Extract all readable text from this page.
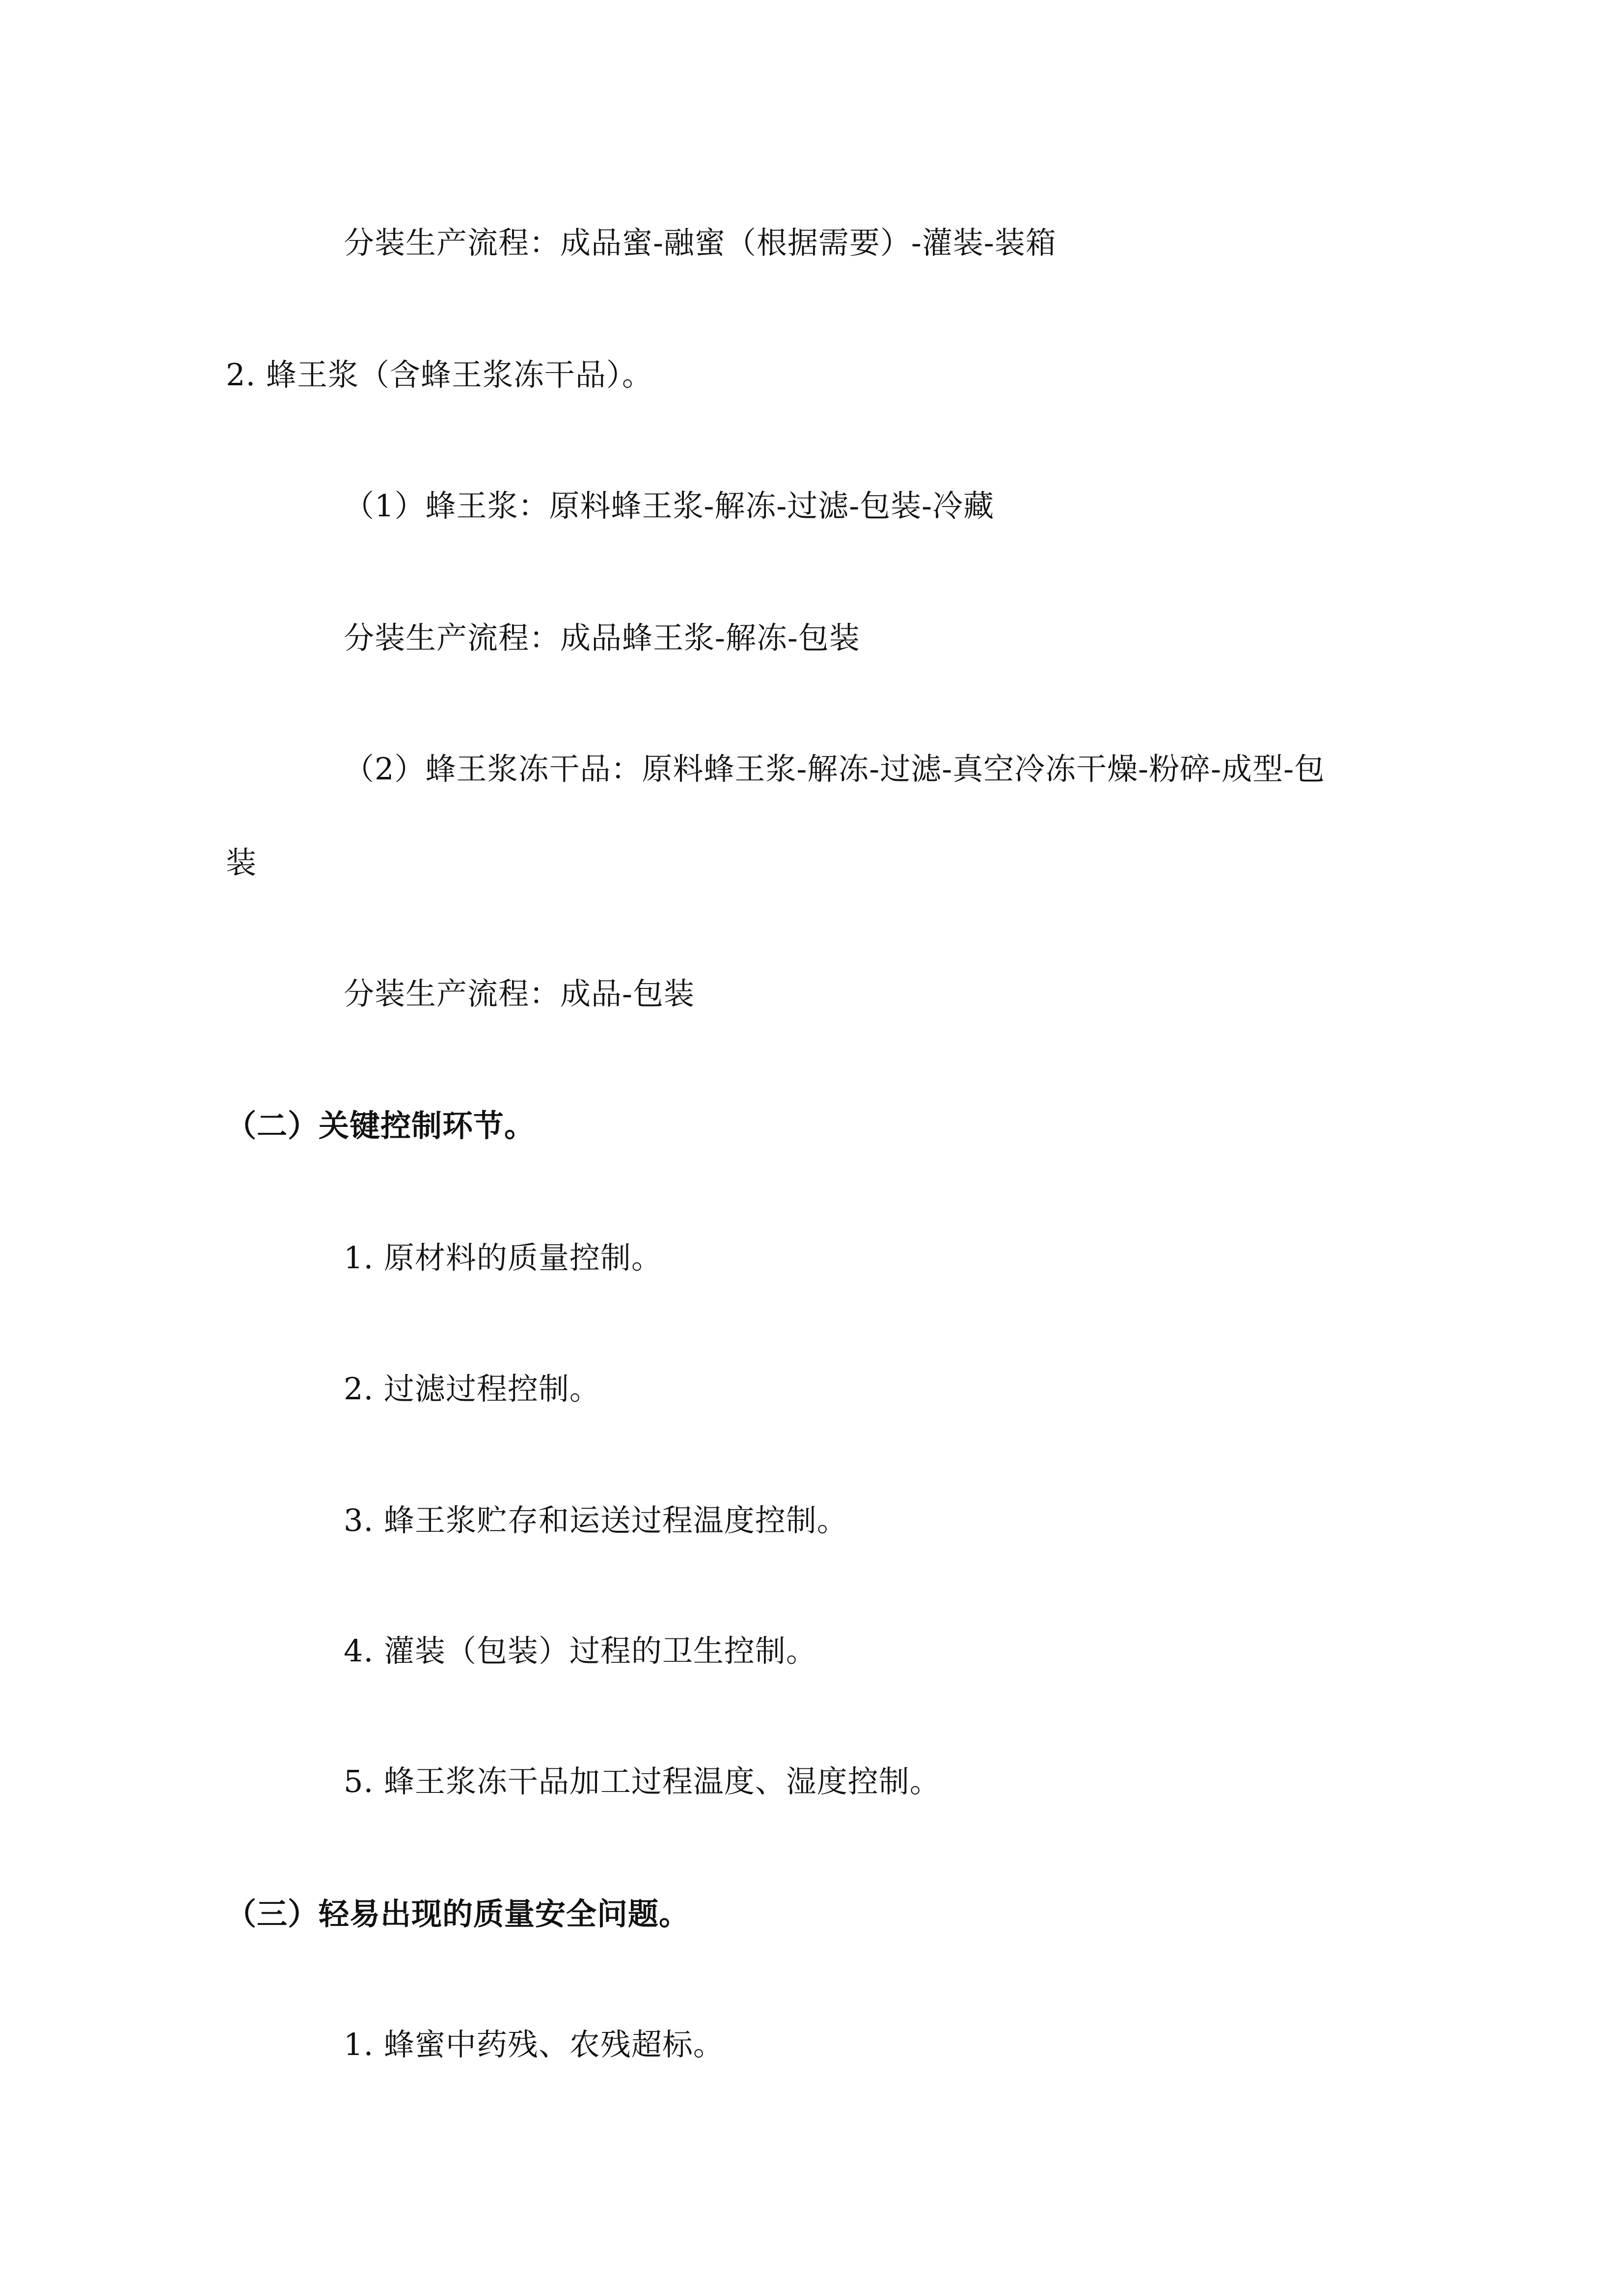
分装生产流程：成品蜜-融蜜（根据需要）-灌装-装箱
2. 蜂王浆（含蜂王浆冻干品）。
（1）蜂王浆：原料蜂王浆-解冻-过滤-包装-冷藏
分装生产流程：成品蜂王浆-解冻-包装
（2）蜂王浆冻干品：原料蜂王浆-解冻-过滤-真空冷冻干燥-粉碎-成型-包
装
分装生产流程：成品-包装
（二）关键控制环节。
1. 原材料的质量控制。
2. 过滤过程控制。
3. 蜂王浆贮存和运送过程温度控制。
4. 灌装（包装）过程的卫生控制。
5. 蜂王浆冻干品加工过程温度、湿度控制。
（三）轻易出现的质量安全问题。
1. 蜂蜜中药残、农残超标。
